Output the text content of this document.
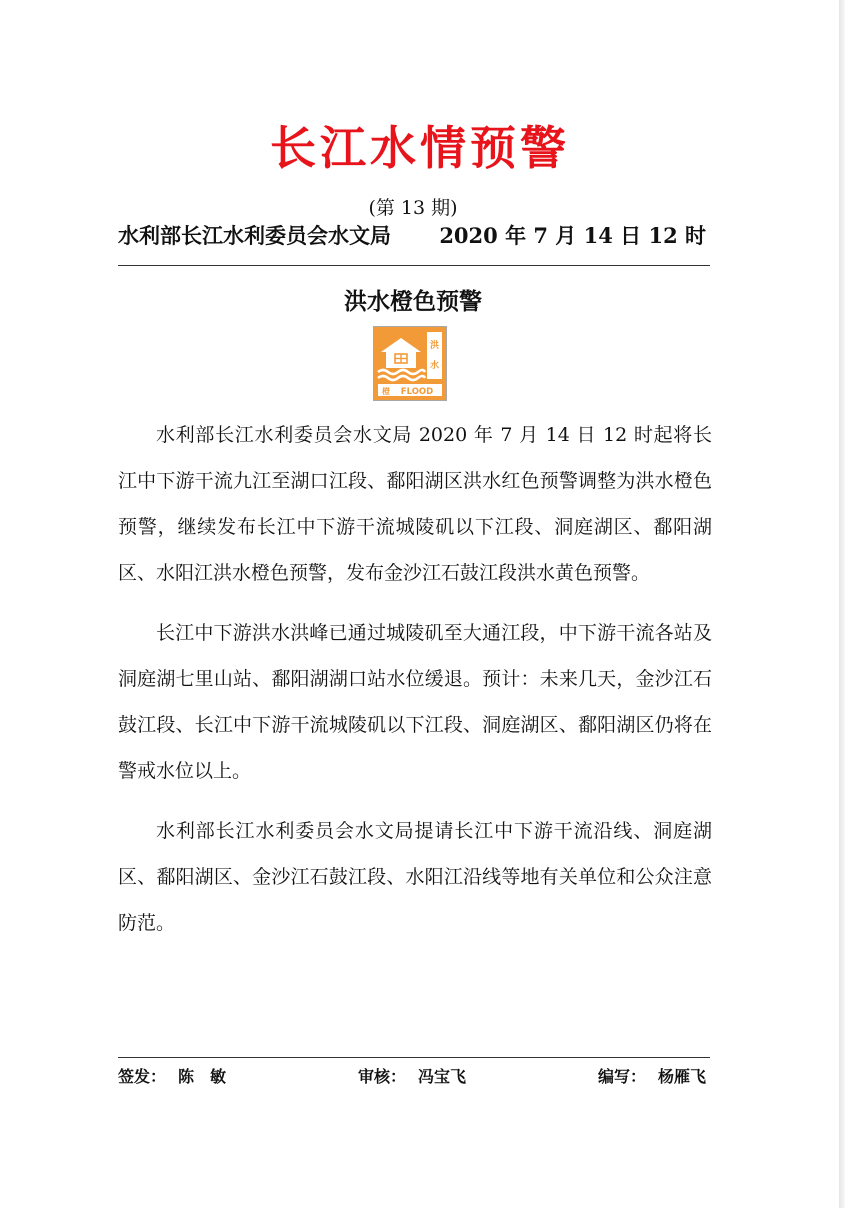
长江水情预警
(第 13 期)
水利部长江水利委员会水文局 2020 年 7 月 14 日 12 时
洪水橙色预警
洪
水
橙 FLOOD

水利部长江水利委员会水文局 2020 年 7 月 14 日 12 时起将长江中下游干流九江至湖口江段、鄱阳湖区洪水红色预警调整为洪水橙色预警，继续发布长江中下游干流城陵矶以下江段、洞庭湖区、鄱阳湖区、水阳江洪水橙色预警，发布金沙江石鼓江段洪水黄色预警。

长江中下游洪水洪峰已通过城陵矶至大通江段，中下游干流各站及洞庭湖七里山站、鄱阳湖湖口站水位缓退。预计：未来几天，金沙江石鼓江段、长江中下游干流城陵矶以下江段、洞庭湖区、鄱阳湖区仍将在警戒水位以上。

水利部长江水利委员会水文局提请长江中下游干流沿线、洞庭湖区、鄱阳湖区、金沙江石鼓江段、水阳江沿线等地有关单位和公众注意防范。

签发： 陈　敏	审核： 冯宝飞	编写： 杨雁飞
